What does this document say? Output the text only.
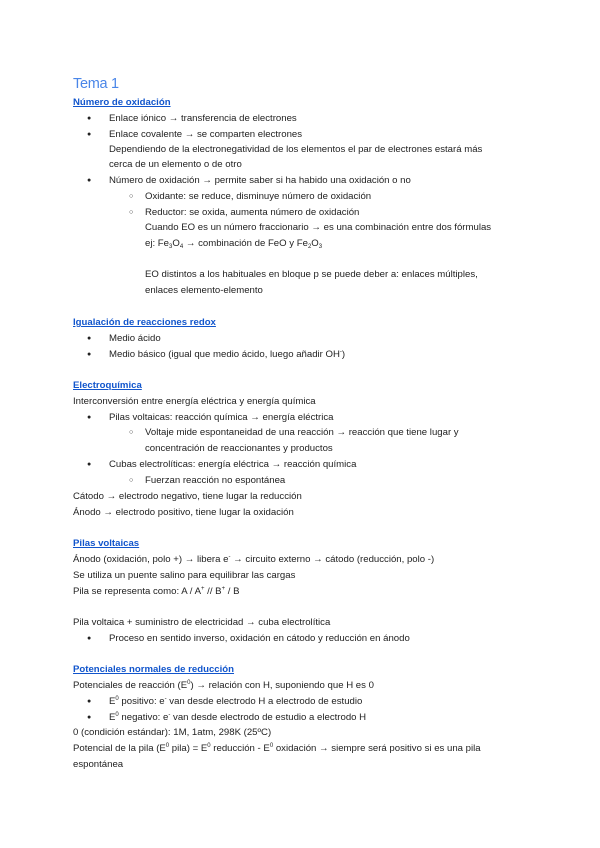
Tema 1
Número de oxidación
● Enlace iónico → transferencia de electrones
● Enlace covalente → se comparten electrones
Dependiendo de la electronegatividad de los elementos el par de electrones estará más
cerca de un elemento o de otro
● Número de oxidación → permite saber si ha habido una oxidación o no
○ Oxidante: se reduce, disminuye número de oxidación
○ Reductor: se oxida, aumenta número de oxidación
Cuando EO es un número fraccionario → es una combinación entre dos fórmulas
ej: $Fe_3O_4$ → combinación de FeO y $Fe_2O_3$
EO distintos a los habituales en bloque p se puede deber a: enlaces múltiples,
enlaces elemento-elemento
Igualación de reacciones redox
● Medio ácido
● Medio básico (igual que medio ácido, luego añadir OH-)
Electroquímica
Interconversión entre energía eléctrica y energía química
● Pilas voltaicas: reacción química → energía eléctrica
○ Voltaje mide espontaneidad de una reacción → reacción que tiene lugar y
concentración de reaccionantes y productos
● Cubas electrolíticas: energía eléctrica → reacción química
○ Fuerzan reacción no espontánea
Cátodo → electrodo negativo, tiene lugar la reducción
Ánodo → electrodo positivo, tiene lugar la oxidación
Pilas voltaicas
Ánodo (oxidación, polo +) → libera e- → circuito externo → cátodo (reducción, polo -)
Se utiliza un puente salino para equilibrar las cargas
Pila se representa como: A / A+ // B+ / B
Pila voltaica + suministro de electricidad → cuba electrolítica
● Proceso en sentido inverso, oxidación en cátodo y reducción en ánodo
Potenciales normales de reducción
Potenciales de reacción $(E^0)$ → relación con H, suponiendo que H es 0
● $E^0$ positivo: e- van desde electrodo H a electrodo de estudio
● $E^0$ negativo: e- van desde electrodo de estudio a electrodo H
0 (condición estándar): 1M, 1atm, 298K (25ºC)
Potencial de la pila ($E^0$ pila) = $E^0$ reducción - $E^0$ oxidación → siempre será positivo si es una pila
espontánea
